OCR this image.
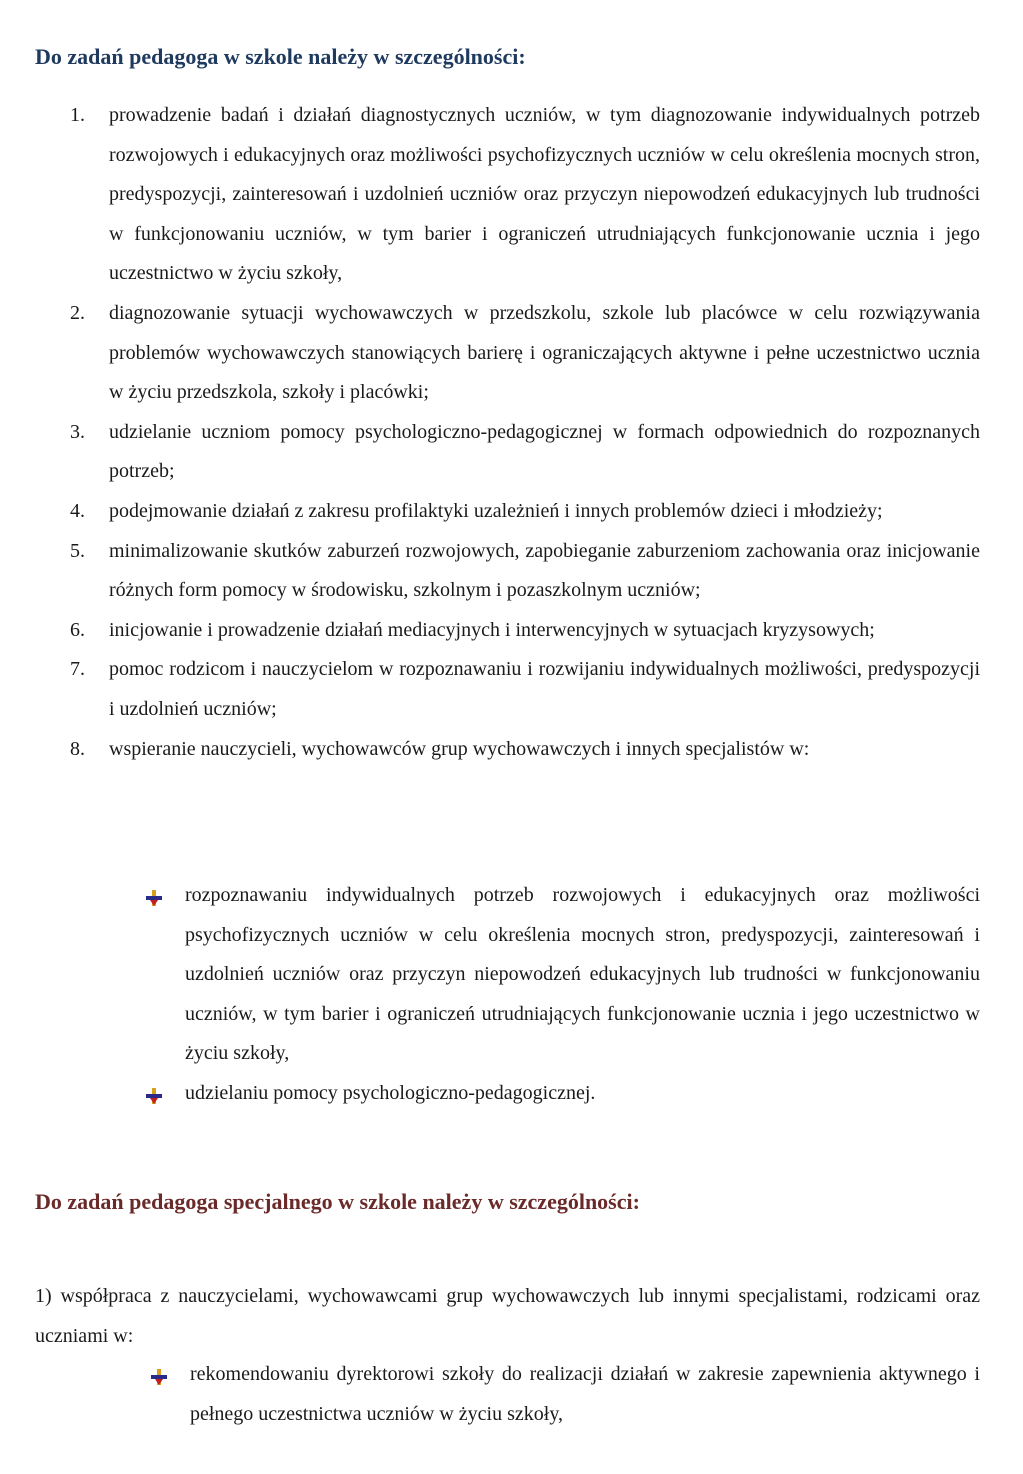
Do zadań pedagoga w szkole należy w szczególności:
1.	prowadzenie badań i działań diagnostycznych uczniów, w tym diagnozowanie indywidualnych potrzeb rozwojowych i edukacyjnych oraz możliwości psychofizycznych uczniów w celu określenia mocnych stron, predyspozycji, zainteresowań i uzdolnień uczniów oraz przyczyn niepowodzeń edukacyjnych lub trudności w funkcjonowaniu uczniów, w tym barier i ograniczeń utrudniających funkcjonowanie ucznia i jego uczestnictwo w życiu szkoły,
2.	diagnozowanie sytuacji wychowawczych w przedszkolu, szkole lub placówce w celu rozwiązywania problemów wychowawczych stanowiących barierę i ograniczających aktywne i pełne uczestnictwo ucznia w życiu przedszkola, szkoły i placówki;
3.	udzielanie uczniom pomocy psychologiczno-pedagogicznej w formach odpowiednich do rozpoznanych potrzeb;
4.	podejmowanie działań z zakresu profilaktyki uzależnień i innych problemów dzieci i młodzieży;
5.	minimalizowanie skutków zaburzeń rozwojowych, zapobieganie zaburzeniom zachowania oraz inicjowanie różnych form pomocy w środowisku, szkolnym i pozaszkolnym uczniów;
6.	inicjowanie i prowadzenie działań mediacyjnych i interwencyjnych w sytuacjach kryzysowych;
7.	pomoc rodzicom i nauczycielom w rozpoznawaniu i rozwijaniu indywidualnych możliwości, predyspozycji i uzdolnień uczniów;
8.	wspieranie nauczycieli, wychowawców grup wychowawczych i innych specjalistów w:
rozpoznawaniu indywidualnych potrzeb rozwojowych i edukacyjnych oraz możliwości psychofizycznych uczniów w celu określenia mocnych stron, predyspozycji, zainteresowań i uzdolnień uczniów oraz przyczyn niepowodzeń edukacyjnych lub trudności w funkcjonowaniu uczniów, w tym barier i ograniczeń utrudniających funkcjonowanie ucznia i jego uczestnictwo w życiu szkoły,
udzielaniu pomocy psychologiczno-pedagogicznej.
Do zadań pedagoga specjalnego w szkole należy w szczególności:

1) współpraca z nauczycielami, wychowawcami grup wychowawczych lub innymi specjalistami, rodzicami oraz uczniami w:

rekomendowaniu dyrektorowi szkoły do realizacji działań w zakresie zapewnienia aktywnego i pełnego uczestnictwa uczniów w życiu szkoły,
